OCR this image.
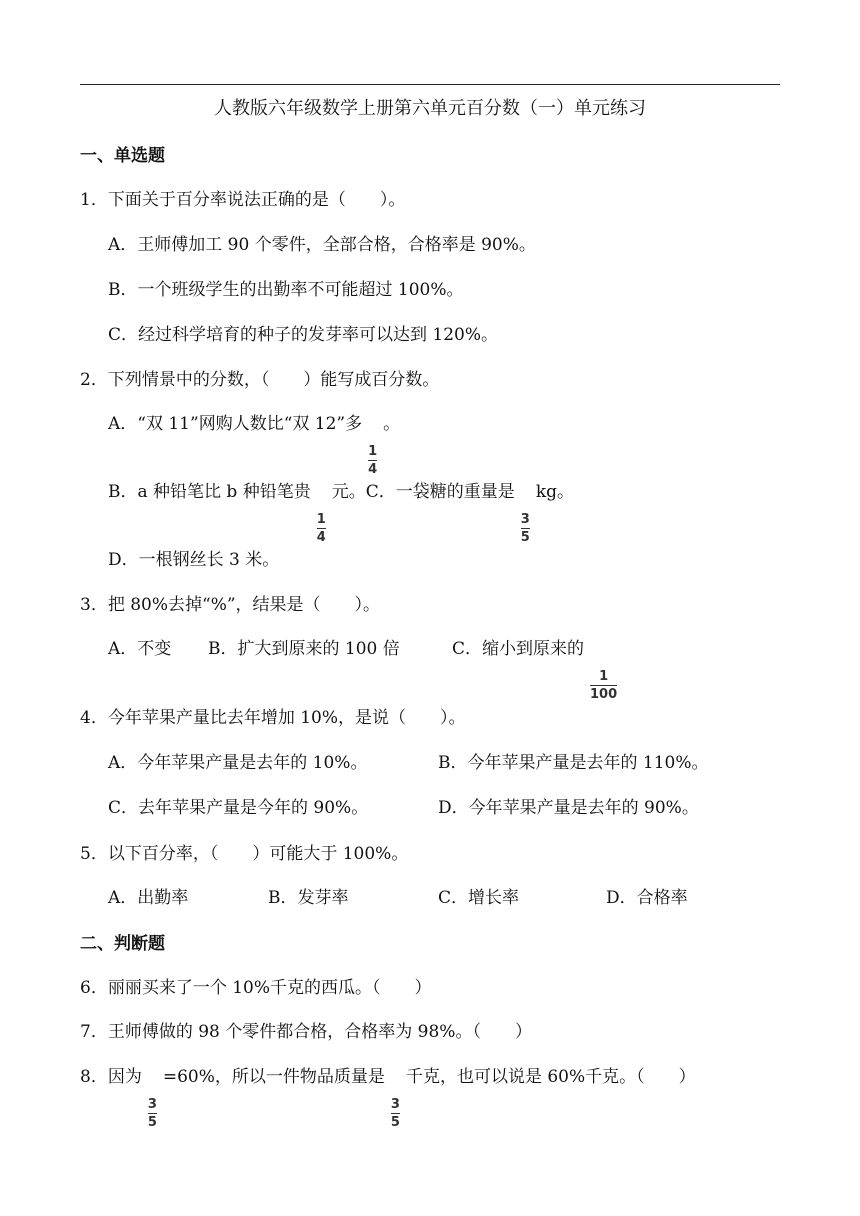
人教版六年级数学上册第六单元百分数（一）单元练习
一、单选题
1．下面关于百分率说法正确的是（　　）。
A．王师傅加工 90 个零件，全部合格，合格率是 90%。
B．一个班级学生的出勤率不可能超过 100%。
C．经过科学培育的种子的发芽率可以达到 120%。
2．下列情景中的分数，（　　）能写成百分数。
A．“双 11”网购人数比“双 12”多
$\frac{1}{4}$
。
B．a 种铅笔比 b 种铅笔贵
$\frac{1}{4}$
元。C．一袋糖的重量是
$\frac{3}{5}$
kg。
D．一根钢丝长 3 米。
3．把 80%去掉“%”，结果是（　　）。
A．不变 B．扩大到原来的 100 倍	C．缩小到原来的
$\frac{1}{100}$
4．今年苹果产量比去年增加 10%，是说（　　）。
A．今年苹果产量是去年的 10%。	B．今年苹果产量是去年的 110%。
C．去年苹果产量是今年的 90%。	D．今年苹果产量是去年的 90%。
5．以下百分率，（　　）可能大于 100%。
A．出勤率	B．发芽率	C．增长率	D．合格率
二、判断题
6．丽丽买来了一个 10%千克的西瓜。（　　）
7．王师傅做的 98 个零件都合格，合格率为 98%。（　　）
8．因为
$\frac{3}{5}$
=60%，所以一件物品质量是
$\frac{3}{5}$
千克，也可以说是 60%千克。（　　）
